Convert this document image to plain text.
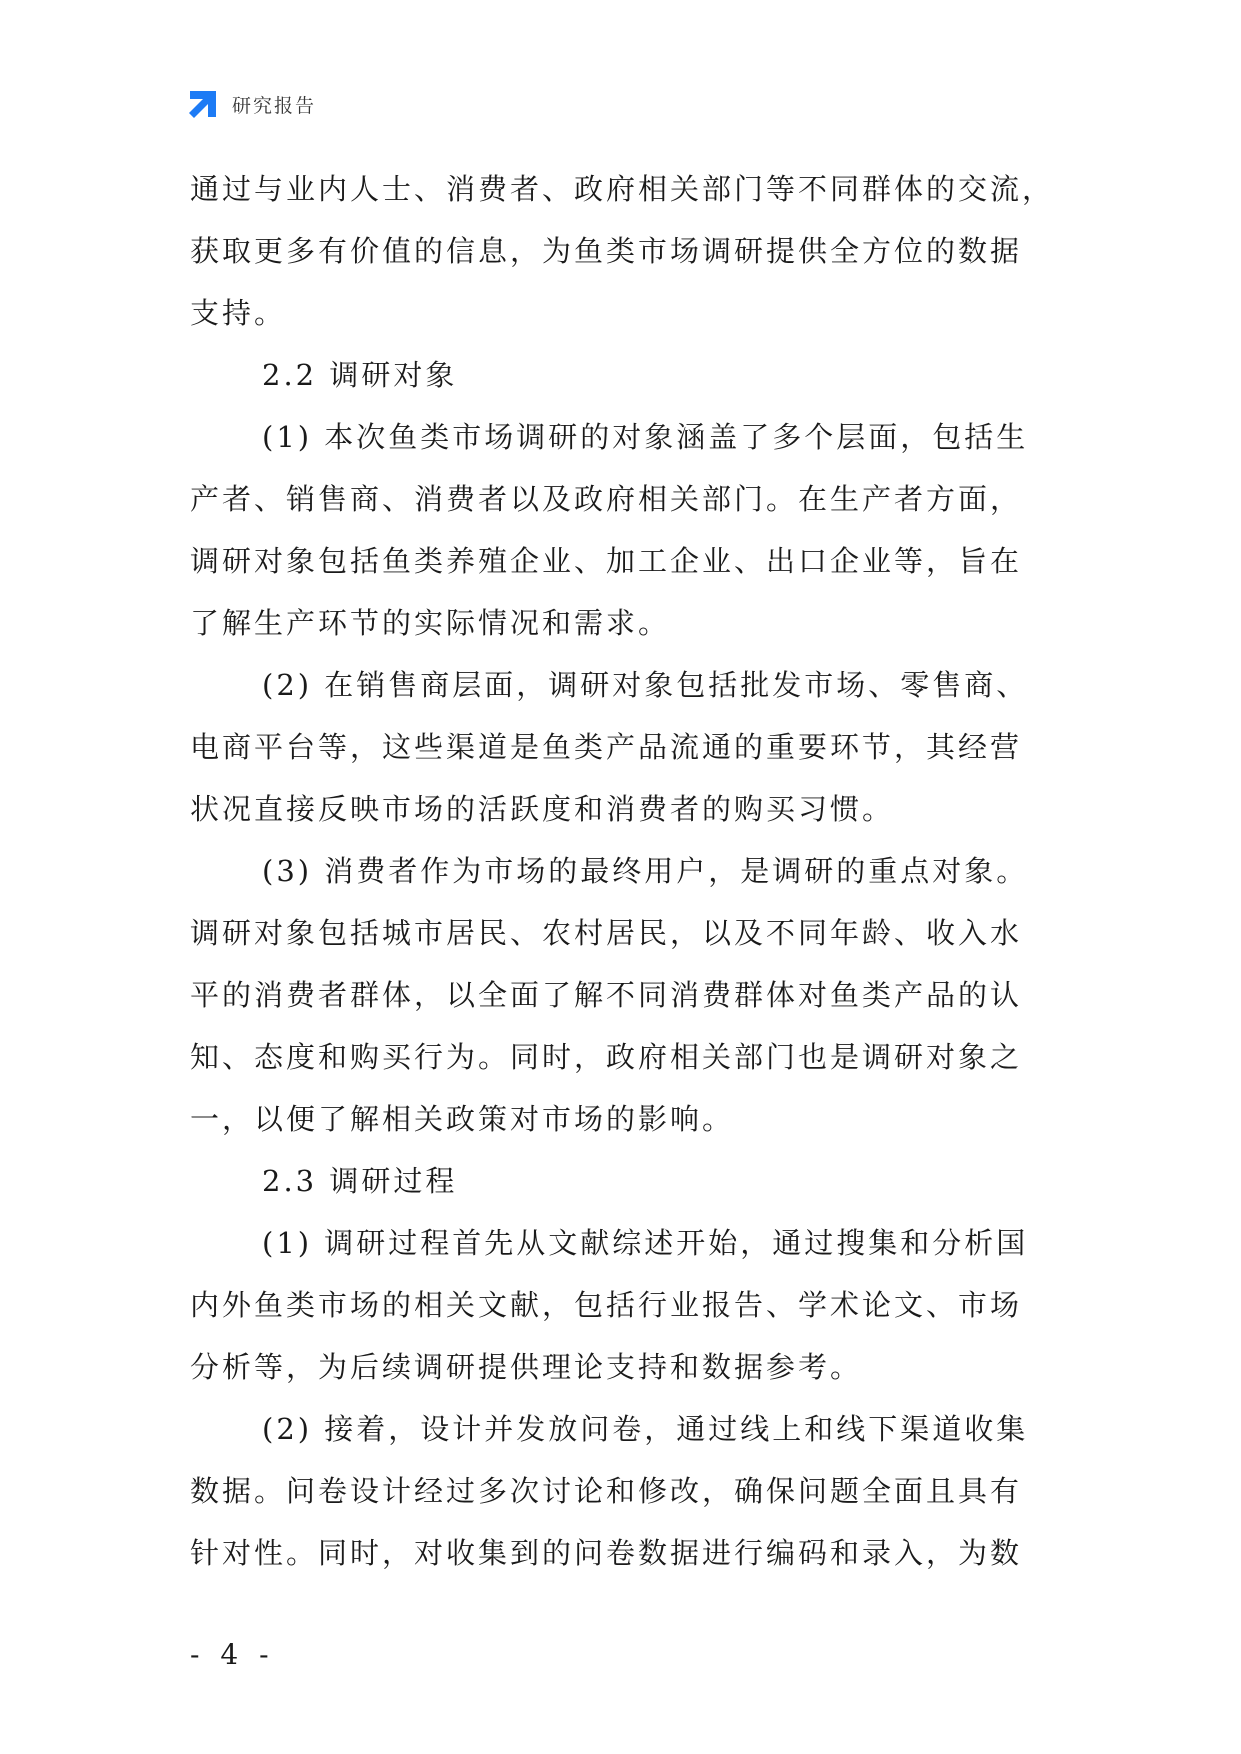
研究报告
通过与业内人士、消费者、政府相关部门等不同群体的交流，
获取更多有价值的信息，为鱼类市场调研提供全方位的数据
支持。
2.2 调研对象
(1) 本次鱼类市场调研的对象涵盖了多个层面，包括生
产者、销售商、消费者以及政府相关部门。在生产者方面，
调研对象包括鱼类养殖企业、加工企业、出口企业等，旨在
了解生产环节的实际情况和需求。
(2) 在销售商层面，调研对象包括批发市场、零售商、
电商平台等，这些渠道是鱼类产品流通的重要环节，其经营
状况直接反映市场的活跃度和消费者的购买习惯。
(3) 消费者作为市场的最终用户，是调研的重点对象。
调研对象包括城市居民、农村居民，以及不同年龄、收入水
平的消费者群体，以全面了解不同消费群体对鱼类产品的认
知、态度和购买行为。同时，政府相关部门也是调研对象之
一，以便了解相关政策对市场的影响。
2.3 调研过程
(1) 调研过程首先从文献综述开始，通过搜集和分析国
内外鱼类市场的相关文献，包括行业报告、学术论文、市场
分析等，为后续调研提供理论支持和数据参考。
(2) 接着，设计并发放问卷，通过线上和线下渠道收集
数据。问卷设计经过多次讨论和修改，确保问题全面且具有
针对性。同时，对收集到的问卷数据进行编码和录入，为数
- 4 -
